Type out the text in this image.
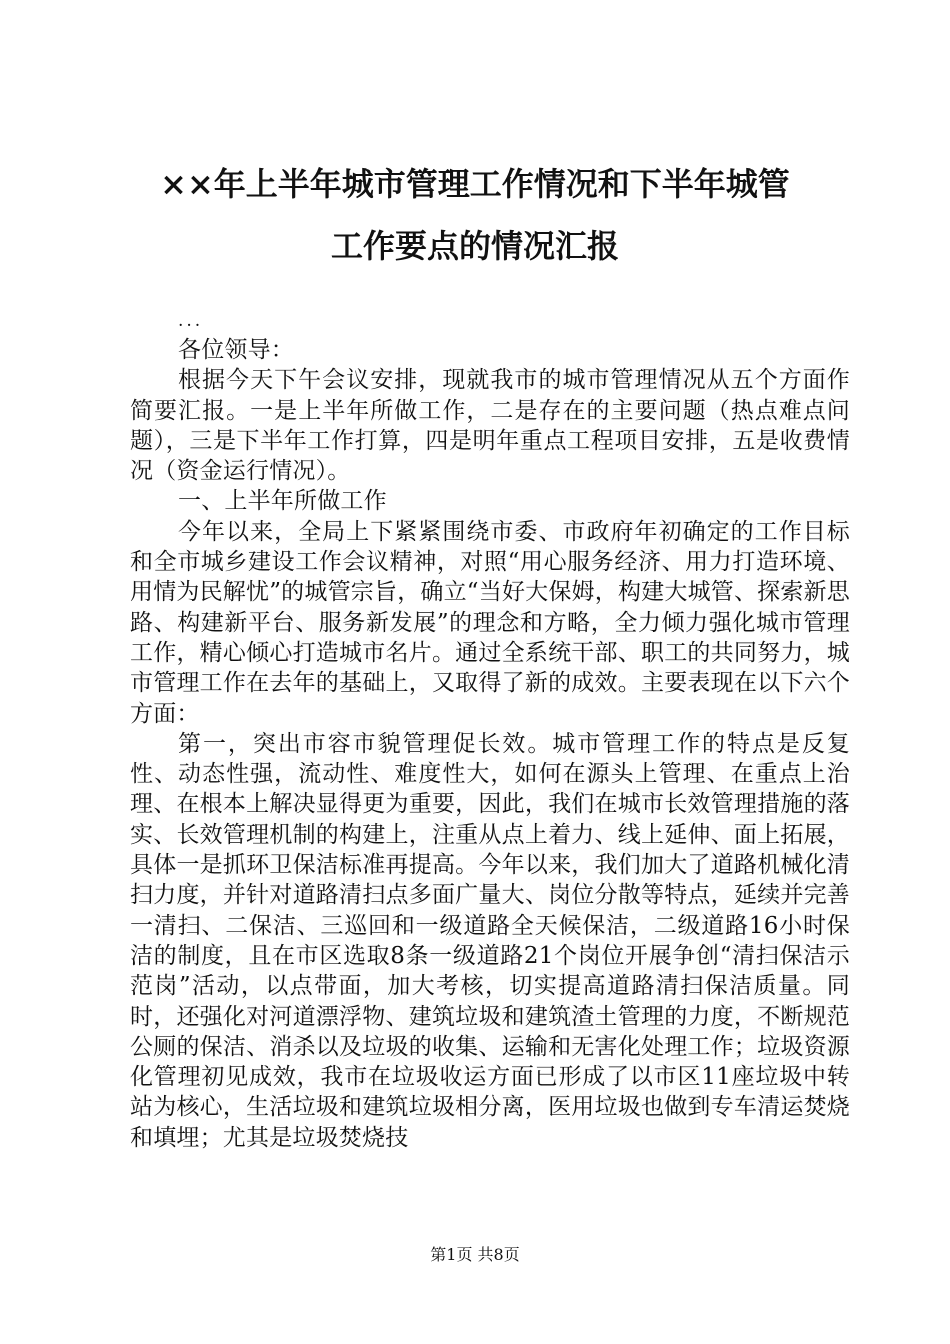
××年上半年城市管理工作情况和下半年城管
工作要点的情况汇报
...

各位领导：

根据今天下午会议安排，现就我市的城市管理情况从五个方面作简要汇报。一是上半年所做工作，二是存在的主要问题（热点难点问题），三是下半年工作打算，四是明年重点工程项目安排，五是收费情况（资金运行情况）。

一、上半年所做工作

今年以来，全局上下紧紧围绕市委、市政府年初确定的工作目标和全市城乡建设工作会议精神，对照“用心服务经济、用力打造环境、用情为民解忧”的城管宗旨，确立“当好大保姆，构建大城管、探索新思路、构建新平台、服务新发展”的理念和方略，全力倾力强化城市管理工作，精心倾心打造城市名片。通过全系统干部、职工的共同努力，城市管理工作在去年的基础上，又取得了新的成效。主要表现在以下六个方面：

第一，突出市容市貌管理促长效。城市管理工作的特点是反复性、动态性强，流动性、难度性大，如何在源头上管理、在重点上治理、在根本上解决显得更为重要，因此，我们在城市长效管理措施的落实、长效管理机制的构建上，注重从点上着力、线上延伸、面上拓展，具体一是抓环卫保洁标准再提高。今年以来，我们加大了道路机械化清扫力度，并针对道路清扫点多面广量大、岗位分散等特点，延续并完善一清扫、二保洁、三巡回和一级道路全天候保洁，二级道路16小时保洁的制度，且在市区选取8条一级道路21个岗位开展争创“清扫保洁示范岗”活动，以点带面，加大考核，切实提高道路清扫保洁质量。同时，还强化对河道漂浮物、建筑垃圾和建筑渣土管理的力度，不断规范公厕的保洁、消杀以及垃圾的收集、运输和无害化处理工作；垃圾资源化管理初见成效，我市在垃圾收运方面已形成了以市区11座垃圾中转站为核心，生活垃圾和建筑垃圾相分离，医用垃圾也做到专车清运焚烧和填埋；尤其是垃圾焚烧技

第1页 共8页
